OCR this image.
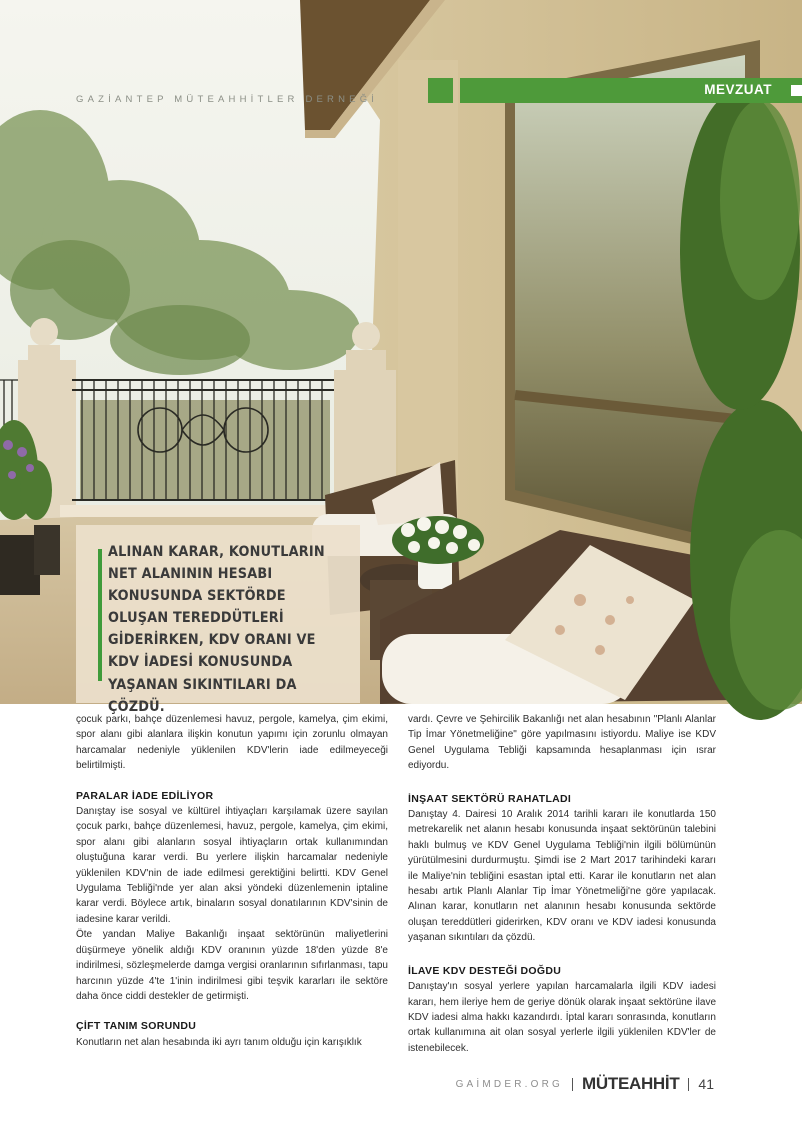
GAZİANTEP MÜTEAHHİTLER DERNEĞİ
MEVZUAT
ALINAN KARAR, KONUTLARIN NET ALANININ HESABI KONUSUNDA SEKTÖRDE OLUŞAN TEREDDÜTLERİ GİDERİRKEN, KDV ORANI VE KDV İADESİ KONUSUNDA YAŞANAN SIKINTILARI DA ÇÖZDÜ.

çocuk parkı, bahçe düzenlemesi havuz, pergole, kamelya, çim ekimi, spor alanı gibi alanlara ilişkin konutun yapımı için zorunlu olmayan harcamalar nedeniyle yüklenilen KDV'lerin iade edilmeyeceği belirtilmişti.

PARALAR İADE EDİLİYOR

Danıştay ise sosyal ve kültürel ihtiyaçları karşılamak üzere sayılan çocuk parkı, bahçe düzenlemesi, havuz, pergole, kamelya, çim ekimi, spor alanı gibi alanların sosyal ihtiyaçların ortak kullanımından oluştuğuna karar verdi. Bu yerlere ilişkin harcamalar nedeniyle yüklenilen KDV'nin de iade edilmesi gerektiğini belirtti. KDV Genel Uygulama Tebliği'nde yer alan aksi yöndeki düzenlemenin iptaline karar verdi. Böylece artık, binaların sosyal donatılarının KDV'sinin de iadesine karar verildi.

Öte yandan Maliye Bakanlığı inşaat sektörünün maliyetlerini düşürmeye yönelik aldığı KDV oranının yüzde 18'den yüzde 8'e indirilmesi, sözleşmelerde damga vergisi oranlarının sıfırlanması, tapu harcının yüzde 4'te 1'inin indirilmesi gibi teşvik kararları ile sektöre daha önce ciddi destekler de getirmişti.

ÇİFT TANIM SORUNDU

Konutların net alan hesabında iki ayrı tanım olduğu için karışıklık

vardı. Çevre ve Şehircilik Bakanlığı net alan hesabının "Planlı Alanlar Tip İmar Yönetmeliğine" göre yapılmasını istiyordu. Maliye ise KDV Genel Uygulama Tebliği kapsamında hesaplanması için ısrar ediyordu.

İNŞAAT SEKTÖRÜ RAHATLADI

Danıştay 4. Dairesi 10 Aralık 2014 tarihli kararı ile konutlarda 150 metrekarelik net alanın hesabı konusunda inşaat sektörünün talebini haklı bulmuş ve KDV Genel Uygulama Tebliği'nin ilgili bölümünün yürütülmesini durdurmuştu. Şimdi ise 2 Mart 2017 tarihindeki kararı ile Maliye'nin tebliğini esastan iptal etti. Karar ile konutların net alan hesabı artık Planlı Alanlar Tip İmar Yönetmeliği'ne göre yapılacak. Alınan karar, konutların net alanının hesabı konusunda sektörde oluşan tereddütleri giderirken, KDV oranı ve KDV iadesi konusunda yaşanan sıkıntıları da çözdü.

İLAVE KDV DESTEĞİ DOĞDU

Danıştay'ın sosyal yerlere yapılan harcamalarla ilgili KDV iadesi kararı, hem ileriye hem de geriye dönük olarak inşaat sektörüne ilave KDV iadesi alma hakkı kazandırdı. İptal kararı sonrasında, konutların ortak kullanımına ait olan sosyal yerlerle ilgili yüklenilen KDV'ler de istenebilecek.

GAİMDER.ORG MÜTEAHHİT 41
